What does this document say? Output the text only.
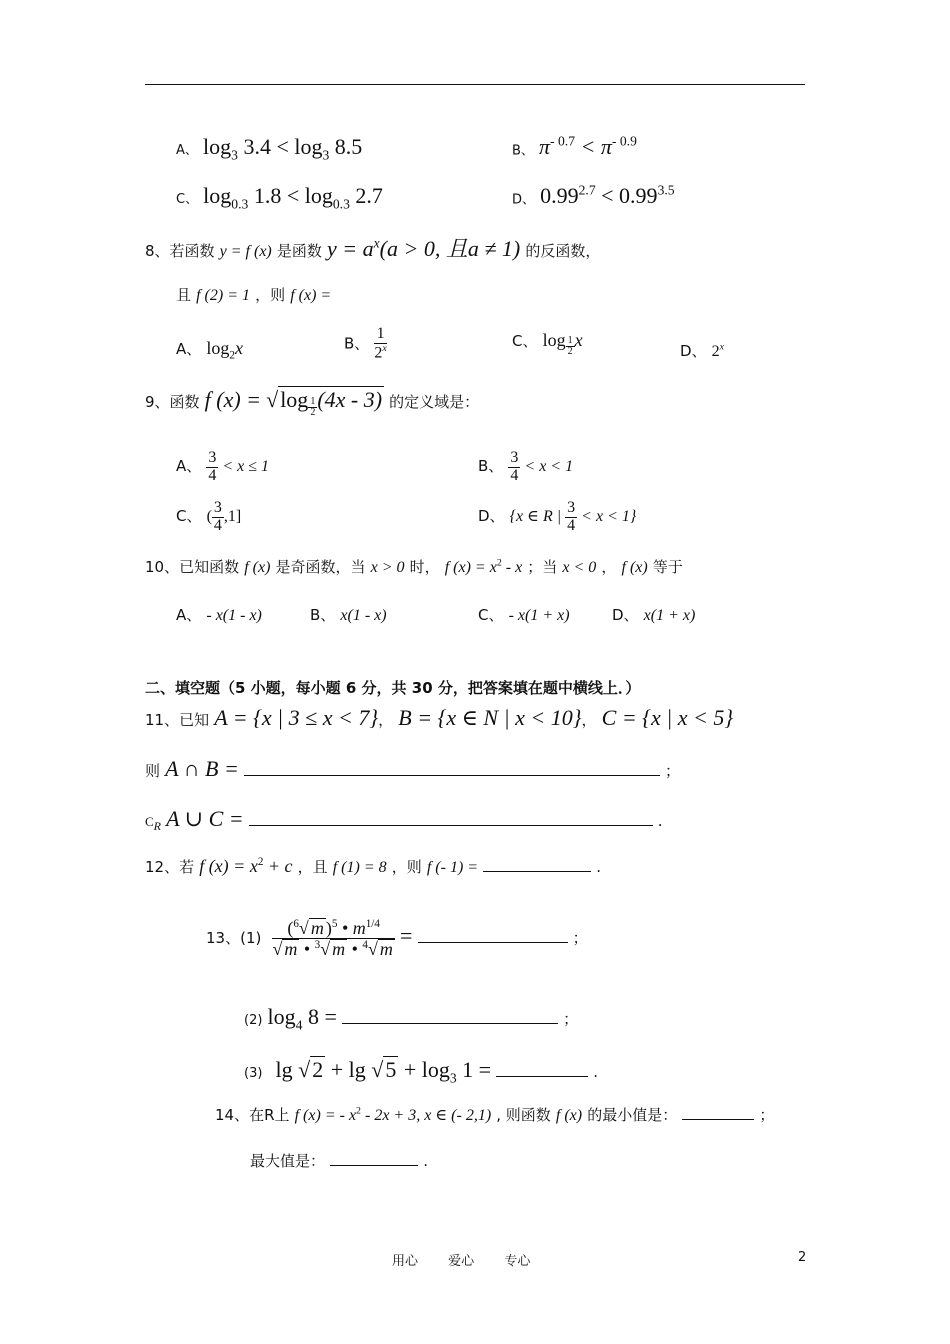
A、 $\log_3 3.4 < \log_3 8.5$	B、 $\pi^{- 0.7} < \pi^{- 0.9}$
C、 $\log_{0.3} 1.8 < \log_{0.3} 2.7$	D、 $0.99^{2.7} < 0.99^{3.5}$
8、若函数 y = f (x) 是函数 $y = a^x(a > 0$, 且a ≠ 1) 的反函数，
且 f (2) = 1 ，则 f (x) =
A、 $\log_2x$	B、 $\frac{1}{2^x}$	C、 $\log \frac{1}{2}$ x
D、 2$^x$
9、函数 f $(x) = √\log \frac{1}{2} (4x - 3)$ 的定义域是：
A、 $\frac{3}{4} < x \le 1$	B、 $\frac{3}{4} < x < 1$
C、 ( $\frac{3}{4} ,1$]	D、 {x ∈ R | $\frac{3}{4} < x < 1$}
10、已知函数 f (x) 是奇函数，当 x > 0 时， f $(x) = x^2 - x$ ；当 x < 0 ， f (x) 等于
A、 - x(1 - x)	B、 x(1 - x)	C、 - x(1 + x)	D、 x(1 + x)
二、填空题（5 小题，每小题 6 分，共 30 分，把答案填在题中横线上．）
11、已知 A = {x | 3 ≤ x < 7}， B = {x ∈ N | x < 10}， C = {x | x < 5}
则 A ∩ B =	；
$C_R$ A ∪ C =	.
12、若 f $(x) = x^2 + c$ ，且 f (1) = 8 ，则 f (- 1) =	.
13、$(1) \frac{(^6√ m )^5 • m^{1/4}}{√ m • ^3√ m • ^4√ m}$ =	；
(2) $\log_4 8$ =	；
(3) $\lg √2 + \lg √5 + \log_3 1$ =	.
14、在R上 f (x) = - $x^2 - 2x + 3$, x ∈ (- 2,1) , 则函数 f (x) 的最小值是：	；
最大值是：	.
用心 爱心 专心	2
